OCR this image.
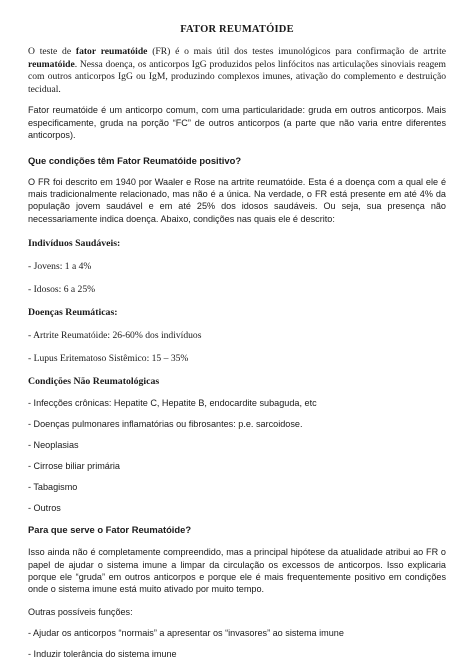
FATOR REUMATÓIDE

O teste de fator reumatóide (FR) é o mais útil dos testes imunológicos para confirmação de artrite reumatóide. Nessa doença, os anticorpos IgG produzidos pelos linfócitos nas articulações sinoviais reagem com outros anticorpos IgG ou IgM, produzindo complexos imunes, ativação do complemento e destruição tecidual.

Fator reumatóide é um anticorpo comum, com uma particularidade: gruda em outros anticorpos. Mais especificamente, gruda na porção “FC” de outros anticorpos (a parte que não varia entre diferentes anticorpos).

Que condições têm Fator Reumatóide positivo?

O FR foi descrito em 1940 por Waaler e Rose na artrite reumatóide. Esta é a doença com a qual ele é mais tradicionalmente relacionado, mas não é a única. Na verdade, o FR está presente em até 4% da população jovem saudável e em até 25% dos idosos saudáveis. Ou seja, sua presença não necessariamente indica doença. Abaixo, condições nas quais ele é descrito:

Indivíduos Saudáveis:

- Jovens: 1 a 4%

- Idosos: 6 a 25%

Doenças Reumáticas:

- Artrite Reumatóide: 26-60% dos indivíduos

- Lupus Eritematoso Sistêmico: 15 – 35%

Condições Não Reumatológicas

- Infecções crônicas: Hepatite C, Hepatite B, endocardite subaguda, etc

- Doenças pulmonares inflamatórias ou fibrosantes: p.e. sarcoidose.

- Neoplasias

- Cirrose biliar primária

- Tabagismo

- Outros

Para que serve o Fator Reumatóide?

Isso ainda não é completamente compreendido, mas a principal hipótese da atualidade atribui ao FR o papel de ajudar o sistema imune a limpar da circulação os excessos de anticorpos. Isso explicaria porque ele “gruda” em outros anticorpos e porque ele é mais frequentemente positivo em condições onde o sistema imune está muito ativado por muito tempo.

Outras possíveis funções:

- Ajudar os anticorpos “normais” a apresentar os “invasores” ao sistema imune

- Induzir tolerância do sistema imune
